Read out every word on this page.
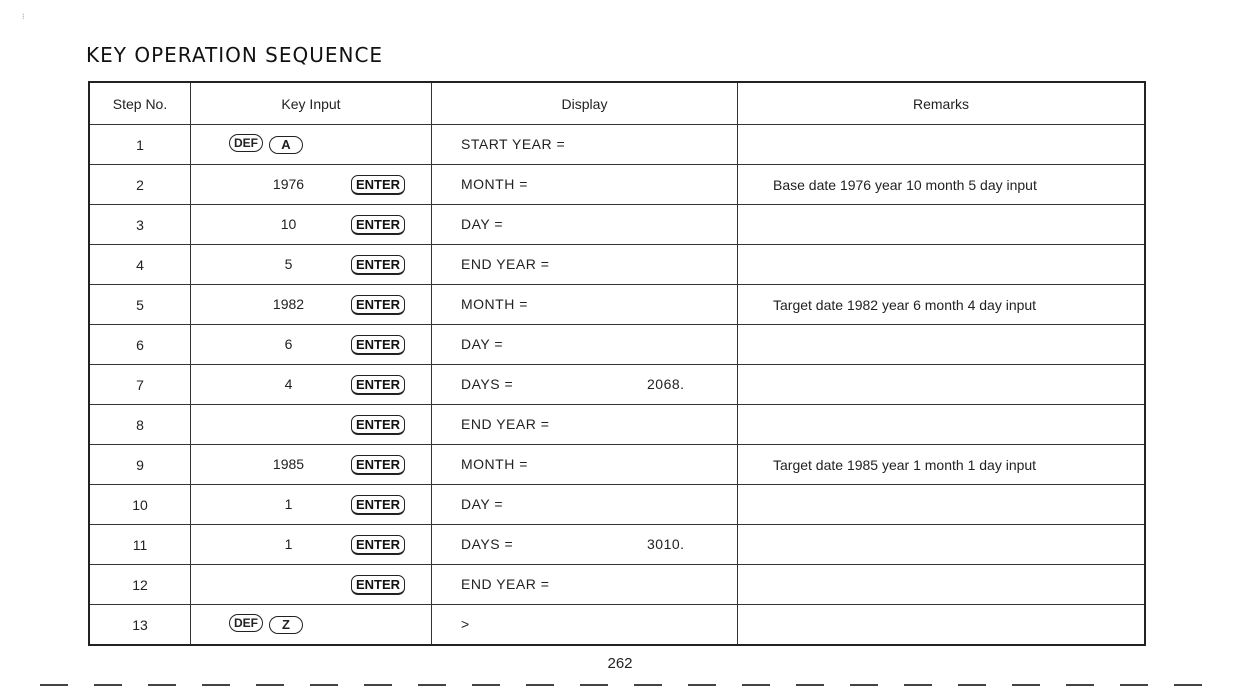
⁝
KEY OPERATION SEQUENCE
Step No.	Key Input	Display	Remarks
1	DEF A	START YEAR =	

2	1976 ENTER	MONTH =	Base date 1976 year 10 month 5 day input
3	10 ENTER	DAY =	

4	5 ENTER	END YEAR =	

5	1982 ENTER	MONTH =	Target date 1982 year 6 month 4 day input
6	6 ENTER	DAY =	

7	4 ENTER	DAYS = 2068.	

8	ENTER	END YEAR =	

9	1985 ENTER	MONTH =	Target date 1985 year 1 month 1 day input
10	1 ENTER	DAY =	

11	1 ENTER	DAYS = 3010.	

12	ENTER	END YEAR =	

13	DEF Z	>	

262
